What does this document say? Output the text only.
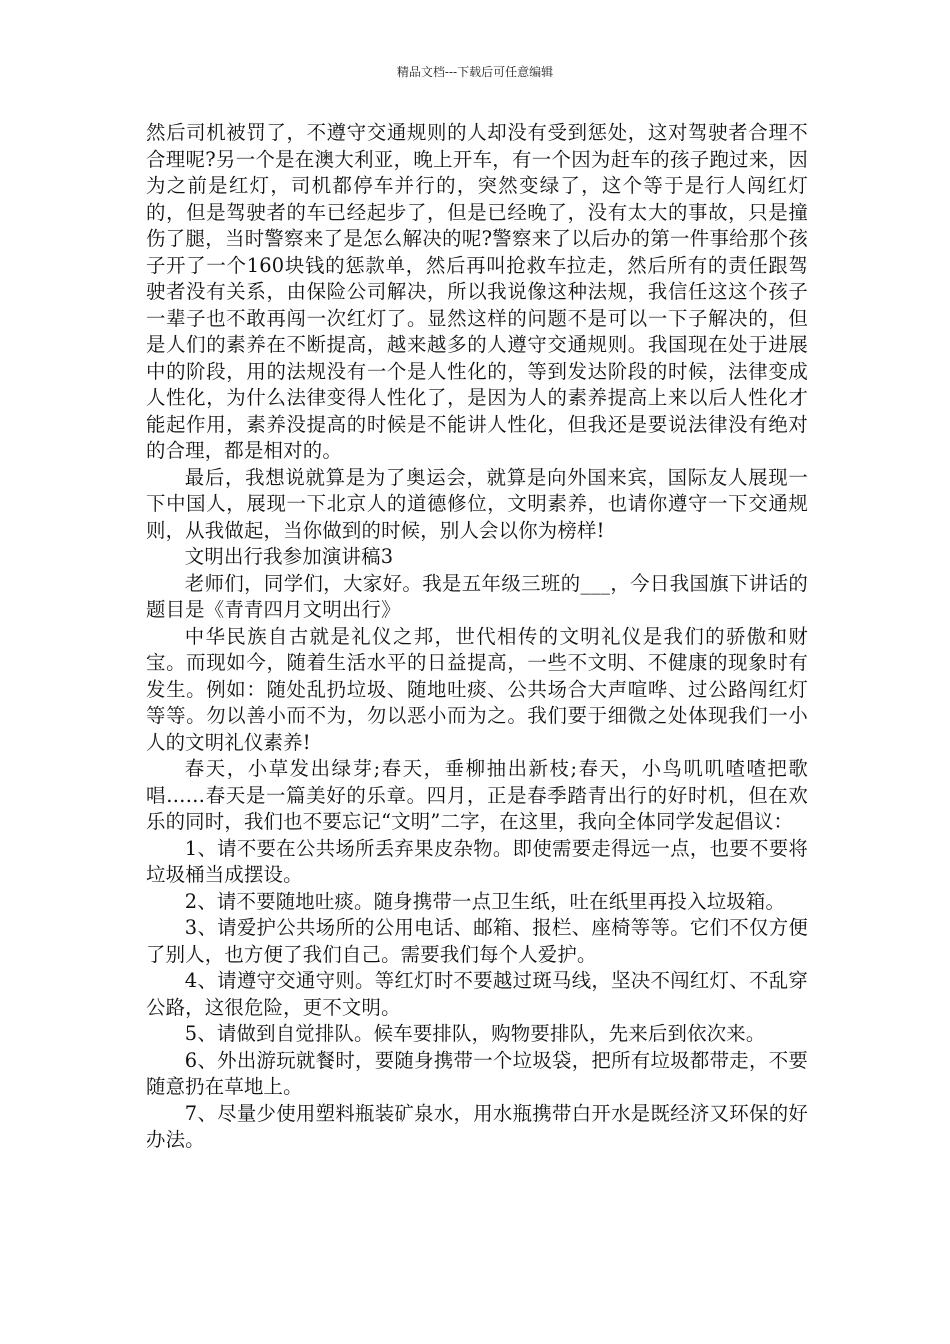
精品文档---下载后可任意编辑

然后司机被罚了，不遵守交通规则的人却没有受到惩处，这对驾驶者合理不合理呢?另一个是在澳大利亚，晚上开车，有一个因为赶车的孩子跑过来，因为之前是红灯，司机都停车并行的，突然变绿了，这个等于是行人闯红灯的，但是驾驶者的车已经起步了，但是已经晚了，没有太大的事故，只是撞伤了腿，当时警察来了是怎么解决的呢?警察来了以后办的第一件事给那个孩子开了一个160块钱的惩款单，然后再叫抢救车拉走，然后所有的责任跟驾驶者没有关系，由保险公司解决，所以我说像这种法规，我信任这这个孩子一辈子也不敢再闯一次红灯了。显然这样的问题不是可以一下子解决的，但是人们的素养在不断提高，越来越多的人遵守交通规则。我国现在处于进展中的阶段，用的法规没有一个是人性化的，等到发达阶段的时候，法律变成人性化，为什么法律变得人性化了，是因为人的素养提高上来以后人性化才能起作用，素养没提高的时候是不能讲人性化，但我还是要说法律没有绝对的合理，都是相对的。

最后，我想说就算是为了奥运会，就算是向外国来宾，国际友人展现一下中国人，展现一下北京人的道德修位，文明素养，也请你遵守一下交通规则，从我做起，当你做到的时候，别人会以你为榜样!

文明出行我参加演讲稿3

老师们，同学们，大家好。我是五年级三班的___，今日我国旗下讲话的题目是《青青四月文明出行》

中华民族自古就是礼仪之邦，世代相传的文明礼仪是我们的骄傲和财宝。而现如今，随着生活水平的日益提高，一些不文明、不健康的现象时有发生。例如：随处乱扔垃圾、随地吐痰、公共场合大声喧哗、过公路闯红灯等等。勿以善小而不为，勿以恶小而为之。我们要于细微之处体现我们一小人的文明礼仪素养!

春天，小草发出绿芽;春天，垂柳抽出新枝;春天，小鸟叽叽喳喳把歌唱……春天是一篇美好的乐章。四月，正是春季踏青出行的好时机，但在欢乐的同时，我们也不要忘记“文明”二字，在这里，我向全体同学发起倡议：

1、请不要在公共场所丢弃果皮杂物。即使需要走得远一点，也要不要将垃圾桶当成摆设。

2、请不要随地吐痰。随身携带一点卫生纸，吐在纸里再投入垃圾箱。

3、请爱护公共场所的公用电话、邮箱、报栏、座椅等等。它们不仅方便了别人，也方便了我们自己。需要我们每个人爱护。

4、请遵守交通守则。等红灯时不要越过斑马线，坚决不闯红灯、不乱穿公路，这很危险，更不文明。

5、请做到自觉排队。候车要排队，购物要排队，先来后到依次来。

6、外出游玩就餐时，要随身携带一个垃圾袋，把所有垃圾都带走，不要随意扔在草地上。

7、尽量少使用塑料瓶装矿泉水，用水瓶携带白开水是既经济又环保的好办法。
